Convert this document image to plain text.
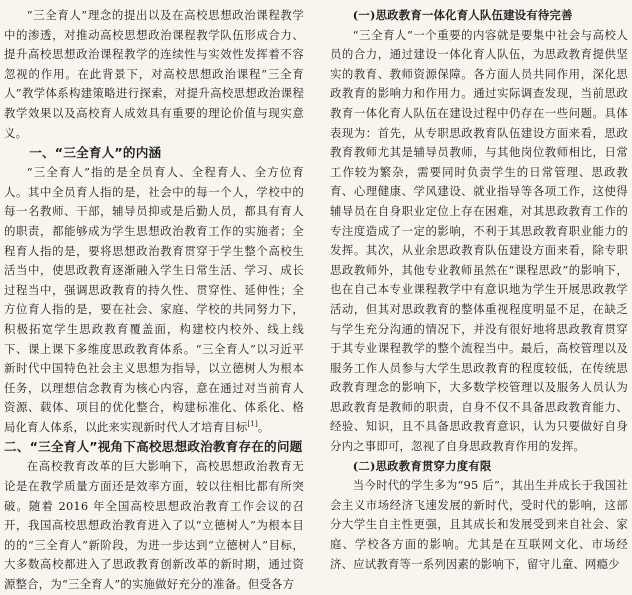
“三全育人”理念的提出以及在高校思想政治课程教学中的渗透，对推动高校思想政治课程教学队伍形成合力、提升高校思想政治课程教学的连续性与实效性发挥着不容忽视的作用。在此背景下，对高校思想政治课程“三全育人”教学体系构建策略进行探索，对提升高校思想政治课程教学效果以及高校育人成效具有重要的理论价值与现实意义。

一、“三全育人”的内涵

“三全育人”指的是全员育人、全程育人、全方位育人。其中全员育人指的是，社会中的每一个人，学校中的每一名教师、干部，辅导员抑或是后勤人员，都具有育人的职责，都能够成为学生思想政治教育工作的实施者；全程育人指的是，要将思想政治教育贯穿于学生整个高校生活当中，使思政教育逐渐融入学生日常生活、学习、成长过程当中，强调思政教育的持久性、贯穿性、延伸性；全方位育人指的是，要在社会、家庭、学校的共同努力下，积极拓宽学生思政教育覆盖面，构建校内校外、线上线下、课上课下多维度思政教育体系。“三全育人”以习近平新时代中国特色社会主义思想为指导，以立德树人为根本任务，以理想信念教育为核心内容，意在通过对当前育人资源、载体、项目的优化整合，构建标准化、体系化、格局化育人体系，以此来实现新时代人才培育目标[1]。

二、“三全育人”视角下高校思想政治教育存在的问题

在高校教育改革的巨大影响下，高校思想政治教育无论是在教学质量方面还是效率方面，较以往相比都有所突破。随着 2016 年全国高校思想政治教育工作会议的召开，我国高校思想政治教育进入了以“立德树人”为根本目的的“三全育人”新阶段，为进一步达到“立德树人”目标，大多数高校都进入了思政教育创新改革的新时期，通过资源整合，为“三全育人”的实施做好充分的准备。但受各方

(一)思政教育一体化育人队伍建设有待完善

“三全育人”一个重要的内容就是要集中社会与高校人员的合力，通过建设一体化育人队伍，为思政教育提供坚实的教育、教师资源保障。各方面人员共同作用，深化思政教育的影响力和作用力。通过实际调查发现，当前思政教育一体化育人队伍在建设过程中仍存在一些问题。具体表现为：首先，从专职思政教育队伍建设方面来看，思政教育教师尤其是辅导员教师，与其他岗位教师相比，日常工作较为繁杂，需要同时负责学生的日常管理、思政教育、心理健康、学风建设、就业指导等各项工作，这使得辅导员在自身职业定位上存在困难，对其思政教育工作的专注度造成了一定的影响，不利于其思政教育职业能力的发挥。其次，从业余思政教育队伍建设方面来看，除专职思政教师外，其他专业教师虽然在“课程思政”的影响下，也在自己本专业课程教学中有意识地为学生开展思政教学活动，但其对思政教育的整体重视程度明显不足，在缺乏与学生充分沟通的情况下，并没有很好地将思政教育贯穿于其专业课程教学的整个流程当中。最后，高校管理以及服务工作人员参与大学生思政教育的程度较低，在传统思政教育理念的影响下，大多数学校管理以及服务人员认为思政教育是教师的职责，自身不仅不具备思政教育能力、经验、知识，且不具备思政教育意识，认为只要做好自身分内之事即可，忽视了自身思政教育作用的发挥。

(二)思政教育贯穿力度有限

当今时代的学生多为“95 后”，其出生并成长于我国社会主义市场经济飞速发展的新时代，受时代的影响，这部分大学生自主性更强，且其成长和发展受到来自社会、家庭、学校各方面的影响。尤其是在互联网文化、市场经济、应试教育等一系列因素的影响下，留守儿童、网瘾少
